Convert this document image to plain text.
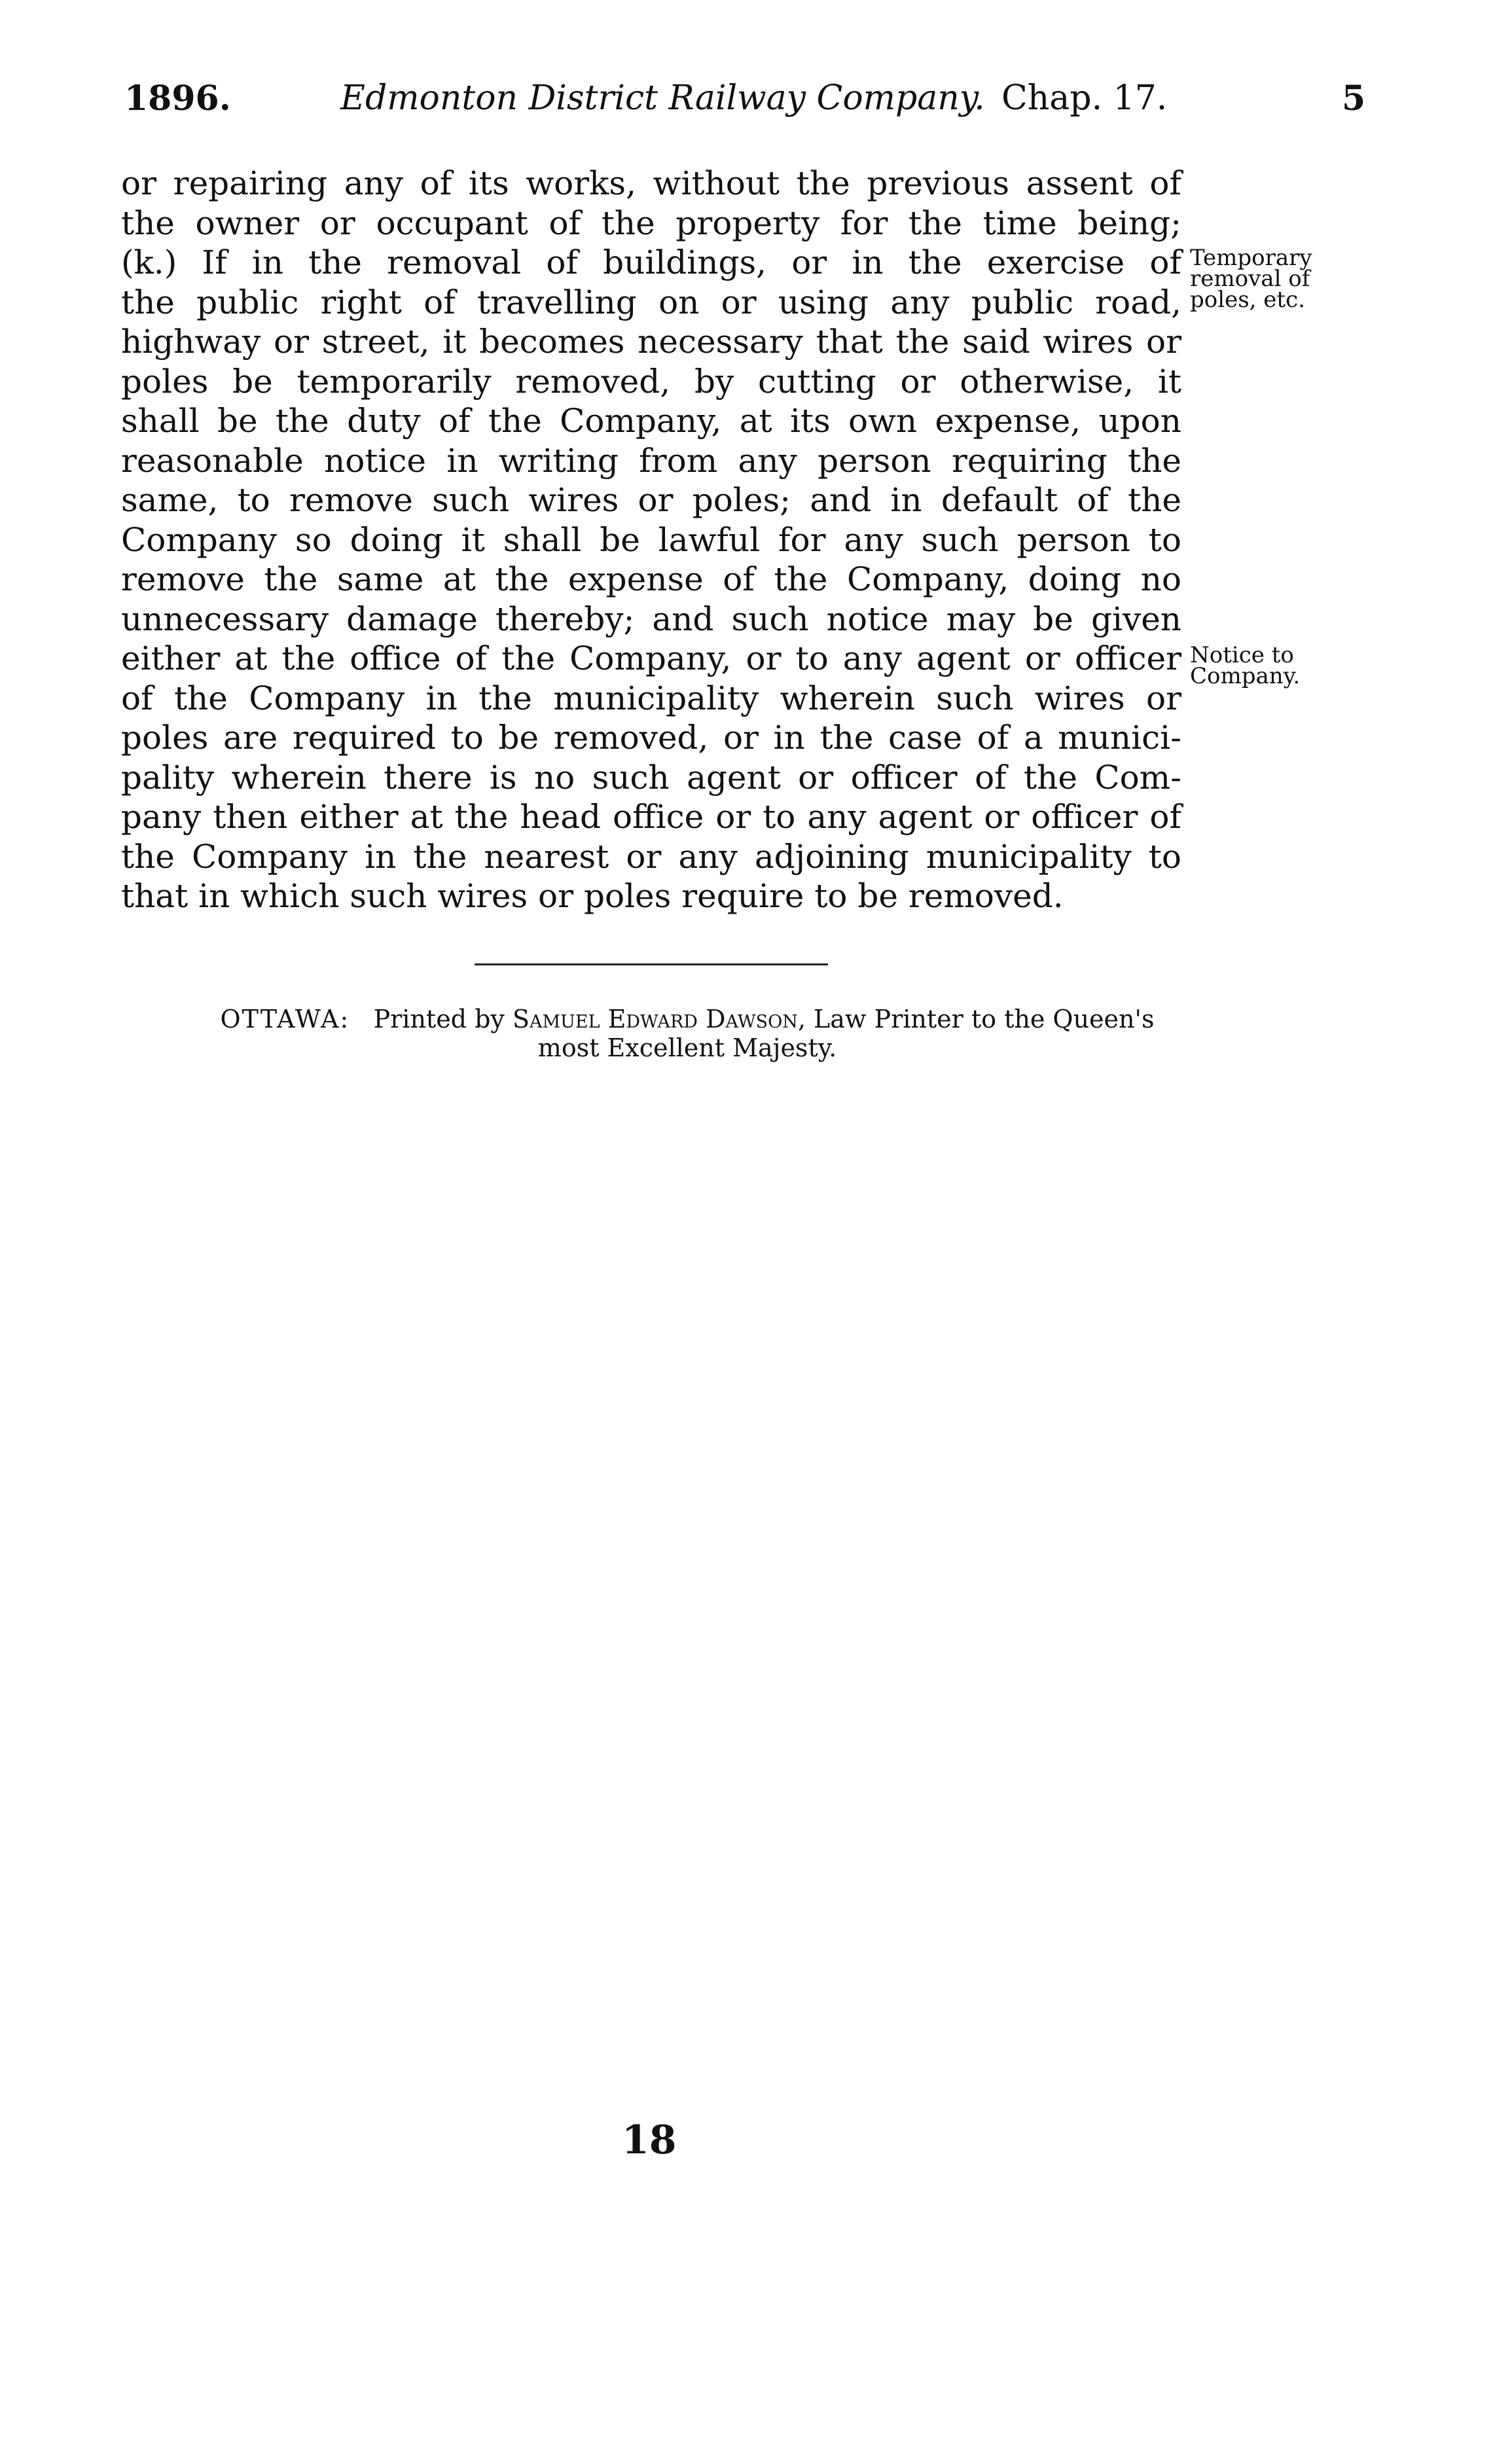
1896.	Edmonton District Railway Company. Chap. 17.	5
or repairing any of its works, without the previous assent of
the owner or occupant of the property for the time being;
(k.) If in the removal of buildings, or in the exercise of
the public right of travelling on or using any public road,
highway or street, it becomes necessary that the said wires or
poles be temporarily removed, by cutting or otherwise, it
shall be the duty of the Company, at its own expense, upon
reasonable notice in writing from any person requiring the
same, to remove such wires or poles; and in default of the
Company so doing it shall be lawful for any such person to
remove the same at the expense of the Company, doing no
unnecessary damage thereby; and such notice may be given
either at the office of the Company, or to any agent or officer
of the Company in the municipality wherein such wires or
poles are required to be removed, or in the case of a munici-
pality wherein there is no such agent or officer of the Com-
pany then either at the head office or to any agent or officer of
the Company in the nearest or any adjoining municipality to
that in which such wires or poles require to be removed.
Temporary
removal of
poles, etc.
Notice to
Company.
OTTAWA: Printed by Samuel Edward Dawson, Law Printer to the Queen's
most Excellent Majesty.
18
